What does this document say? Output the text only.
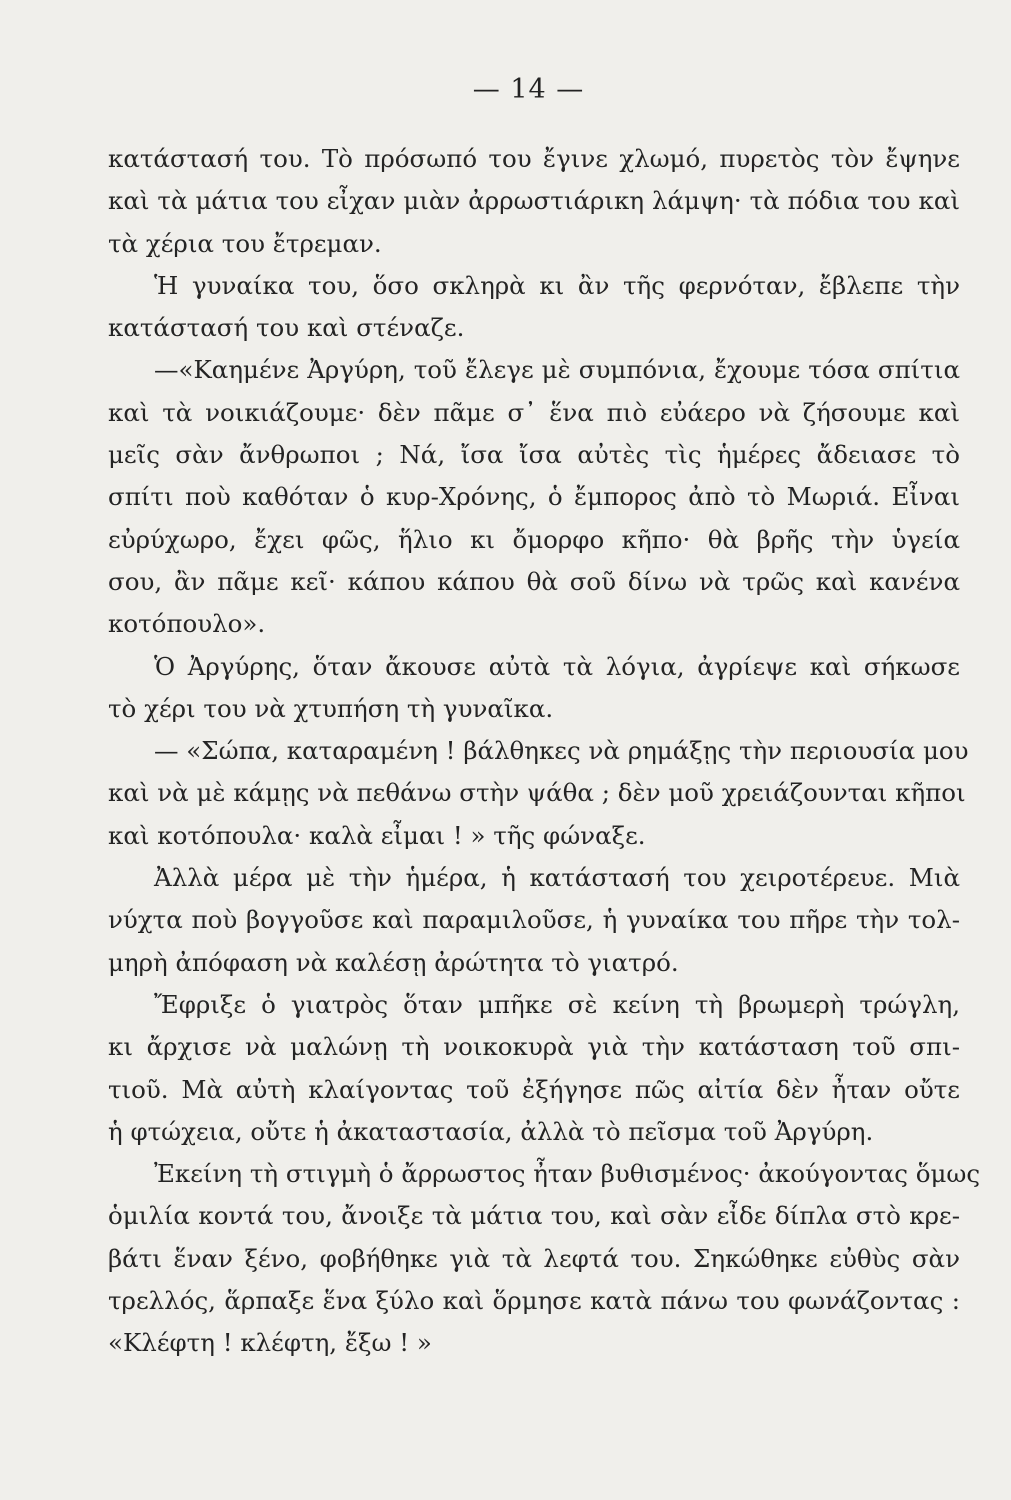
— 14 —
κατάστασή του. Τὸ πρόσωπό του ἔγινε χλωμό, πυρετὸς τὸν ἔψηνε
καὶ τὰ μάτια του εἶχαν μιὰν ἀρρωστιάρικη λάμψη· τὰ πόδια του καὶ
τὰ χέρια του ἔτρεμαν.
Ἡ γυναίκα του, ὅσο σκληρὰ κι ἂν τῆς φερνόταν, ἔβλεπε τὴν
κατάστασή του καὶ στέναζε.
—«Καημένε Ἀργύρη, τοῦ ἔλεγε μὲ συμπόνια, ἔχουμε τόσα σπίτια
καὶ τὰ νοικιάζουμε· δὲν πᾶμε σ᾿ ἕνα πιὸ εὐάερο νὰ ζήσουμε καὶ
μεῖς σὰν ἄνθρωποι ; Νά, ἴσα ἴσα αὐτὲς τὶς ἡμέρες ἄδειασε τὸ
σπίτι ποὺ καθόταν ὁ κυρ-Χρόνης, ὁ ἔμπορος ἀπὸ τὸ Μωριά. Εἶναι
εὐρύχωρο, ἔχει φῶς, ἥλιο κι ὄμορφο κῆπο· θὰ βρῆς τὴν ὑγεία
σου, ἂν πᾶμε κεῖ· κάπου κάπου θὰ σοῦ δίνω νὰ τρῶς καὶ κανένα
κοτόπουλο».
Ὁ Ἀργύρης, ὅταν ἄκουσε αὐτὰ τὰ λόγια, ἀγρίεψε καὶ σήκωσε
τὸ χέρι του νὰ χτυπήση τὴ γυναῖκα.
— «Σώπα, καταραμένη ! βάλθηκες νὰ ρημάξῃς τὴν περιουσία μου
καὶ νὰ μὲ κάμῃς νὰ πεθάνω στὴν ψάθα ; δὲν μοῦ χρειάζουνται κῆποι
καὶ κοτόπουλα· καλὰ εἶμαι ! » τῆς φώναξε.
Ἀλλὰ μέρα μὲ τὴν ἡμέρα, ἡ κατάστασή του χειροτέρευε. Μιὰ
νύχτα ποὺ βογγοῦσε καὶ παραμιλοῦσε, ἡ γυναίκα του πῆρε τὴν τολ-
μηρὴ ἀπόφαση νὰ καλέσῃ ἀρώτητα τὸ γιατρό.
Ἔφριξε ὁ γιατρὸς ὅταν μπῆκε σὲ κείνη τὴ βρωμερὴ τρώγλη,
κι ἄρχισε νὰ μαλώνῃ τὴ νοικοκυρὰ γιὰ τὴν κατάσταση τοῦ σπι-
τιοῦ. Μὰ αὐτὴ κλαίγοντας τοῦ ἐξήγησε πῶς αἰτία δὲν ἦταν οὔτε
ἡ φτώχεια, οὔτε ἡ ἀκαταστασία, ἀλλὰ τὸ πεῖσμα τοῦ Ἀργύρη.
Ἐκείνη τὴ στιγμὴ ὁ ἄρρωστος ἦταν βυθισμένος· ἀκούγοντας ὅμως
ὁμιλία κοντά του, ἄνοιξε τὰ μάτια του, καὶ σὰν εἶδε δίπλα στὸ κρε-
βάτι ἕναν ξένο, φοβήθηκε γιὰ τὰ λεφτά του. Σηκώθηκε εὐθὺς σὰν
τρελλός, ἅρπαξε ἕνα ξύλο καὶ ὅρμησε κατὰ πάνω του φωνάζοντας :
«Κλέφτη ! κλέφτη, ἔξω ! »
